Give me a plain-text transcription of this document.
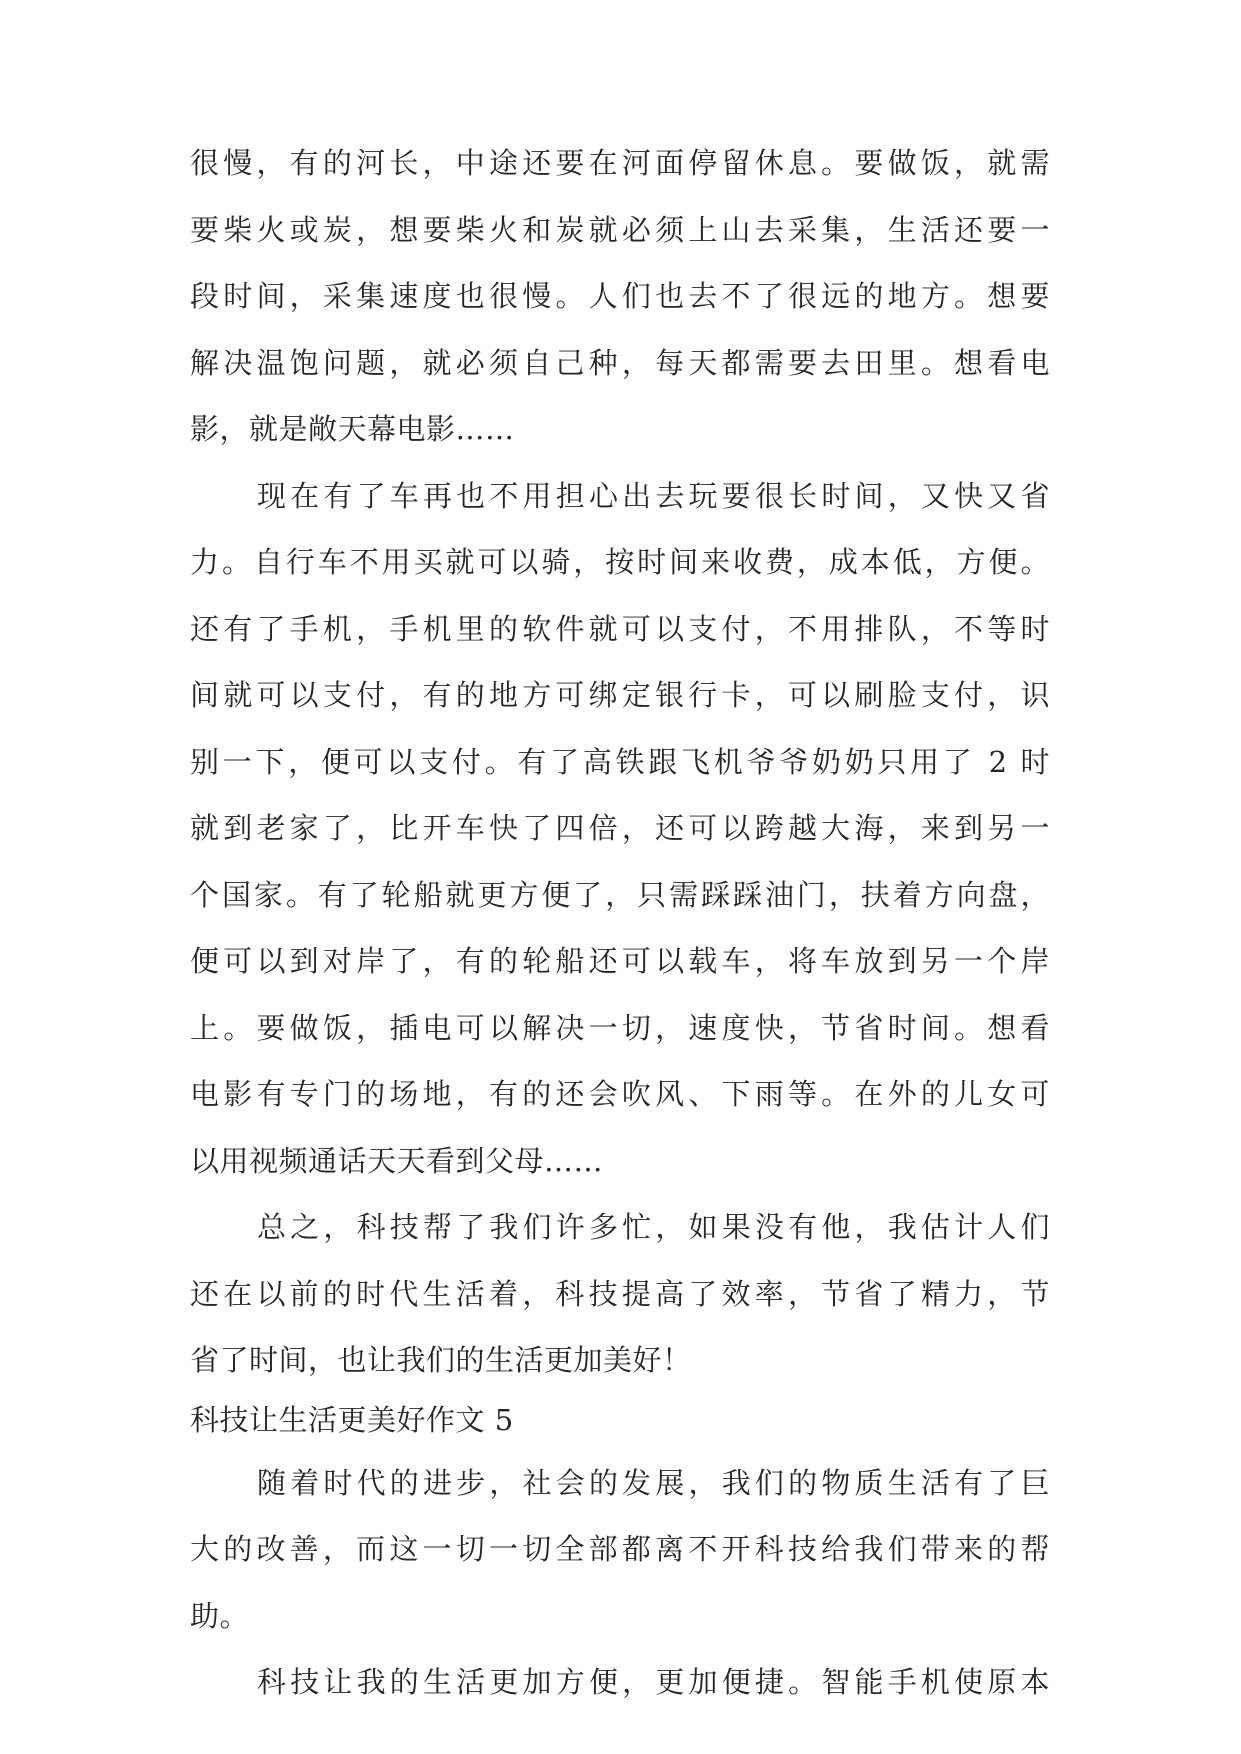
很慢，有的河长，中途还要在河面停留休息。要做饭，就需
要柴火或炭，想要柴火和炭就必须上山去采集，生活还要一
段时间，采集速度也很慢。人们也去不了很远的地方。想要
解决温饱问题，就必须自己种，每天都需要去田里。想看电
影，就是敞天幕电影……
现在有了车再也不用担心出去玩要很长时间，又快又省
力。自行车不用买就可以骑，按时间来收费，成本低，方便。
还有了手机，手机里的软件就可以支付，不用排队，不等时
间就可以支付，有的地方可绑定银行卡，可以刷脸支付，识
别一下，便可以支付。有了高铁跟飞机爷爷奶奶只用了 2 时
就到老家了，比开车快了四倍，还可以跨越大海，来到另一
个国家。有了轮船就更方便了，只需踩踩油门，扶着方向盘，
便可以到对岸了，有的轮船还可以载车，将车放到另一个岸
上。要做饭，插电可以解决一切，速度快，节省时间。想看
电影有专门的场地，有的还会吹风、下雨等。在外的儿女可
以用视频通话天天看到父母……
总之，科技帮了我们许多忙，如果没有他，我估计人们
还在以前的时代生活着，科技提高了效率，节省了精力，节
省了时间，也让我们的生活更加美好！
科技让生活更美好作文 5
随着时代的进步，社会的发展，我们的物质生活有了巨
大的改善，而这一切一切全部都离不开科技给我们带来的帮
助。
科技让我的生活更加方便，更加便捷。智能手机使原本
